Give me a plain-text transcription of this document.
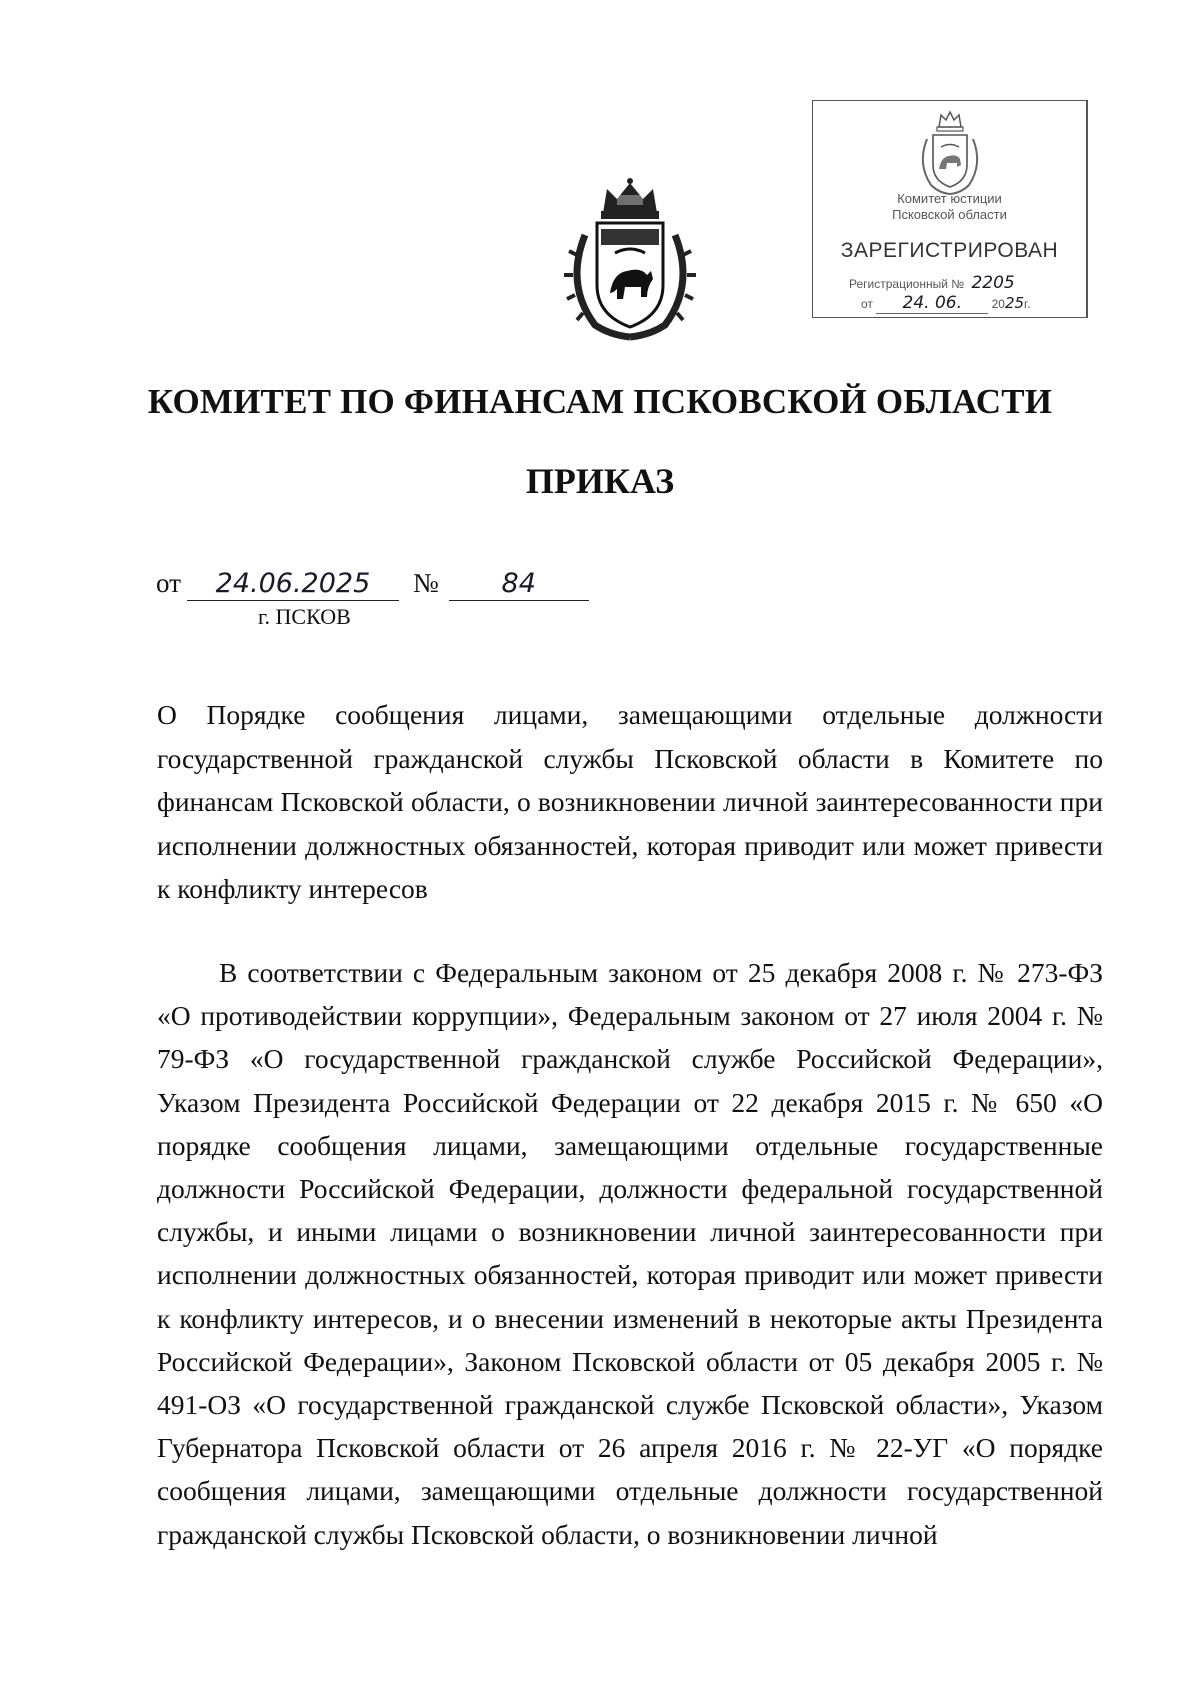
Комитет юстиции
Псковской области
ЗАРЕГИСТРИРОВАН
Регистрационный № 2205
от 24. 06. 2025г.
КОМИТЕТ ПО ФИНАНСАМ ПСКОВСКОЙ ОБЛАСТИ
ПРИКАЗ
от 24.06.2025 № 84
г. ПСКОВ
О Порядке сообщения лицами, замещающими отдельные должности государственной гражданской службы Псковской области в Комитете по финансам Псковской области, о возникновении личной заинтересованности при исполнении должностных обязанностей, которая приводит или может привести к конфликту интересов
В соответствии с Федеральным законом от 25 декабря 2008 г. № 273-ФЗ «О противодействии коррупции», Федеральным законом от 27 июля 2004 г. № 79-ФЗ «О государственной гражданской службе Российской Федерации», Указом Президента Российской Федерации от 22 декабря 2015 г. № 650 «О порядке сообщения лицами, замещающими отдельные государственные должности Российской Федерации, должности федеральной государственной службы, и иными лицами о возникновении личной заинтересованности при исполнении должностных обязанностей, которая приводит или может привести к конфликту интересов, и о внесении изменений в некоторые акты Президента Российской Федерации», Законом Псковской области от 05 декабря 2005 г. № 491-ОЗ «О государственной гражданской службе Псковской области», Указом Губернатора Псковской области от 26 апреля 2016 г. № 22-УГ «О порядке сообщения лицами, замещающими отдельные должности государственной гражданской службы Псковской области, о возникновении личной
